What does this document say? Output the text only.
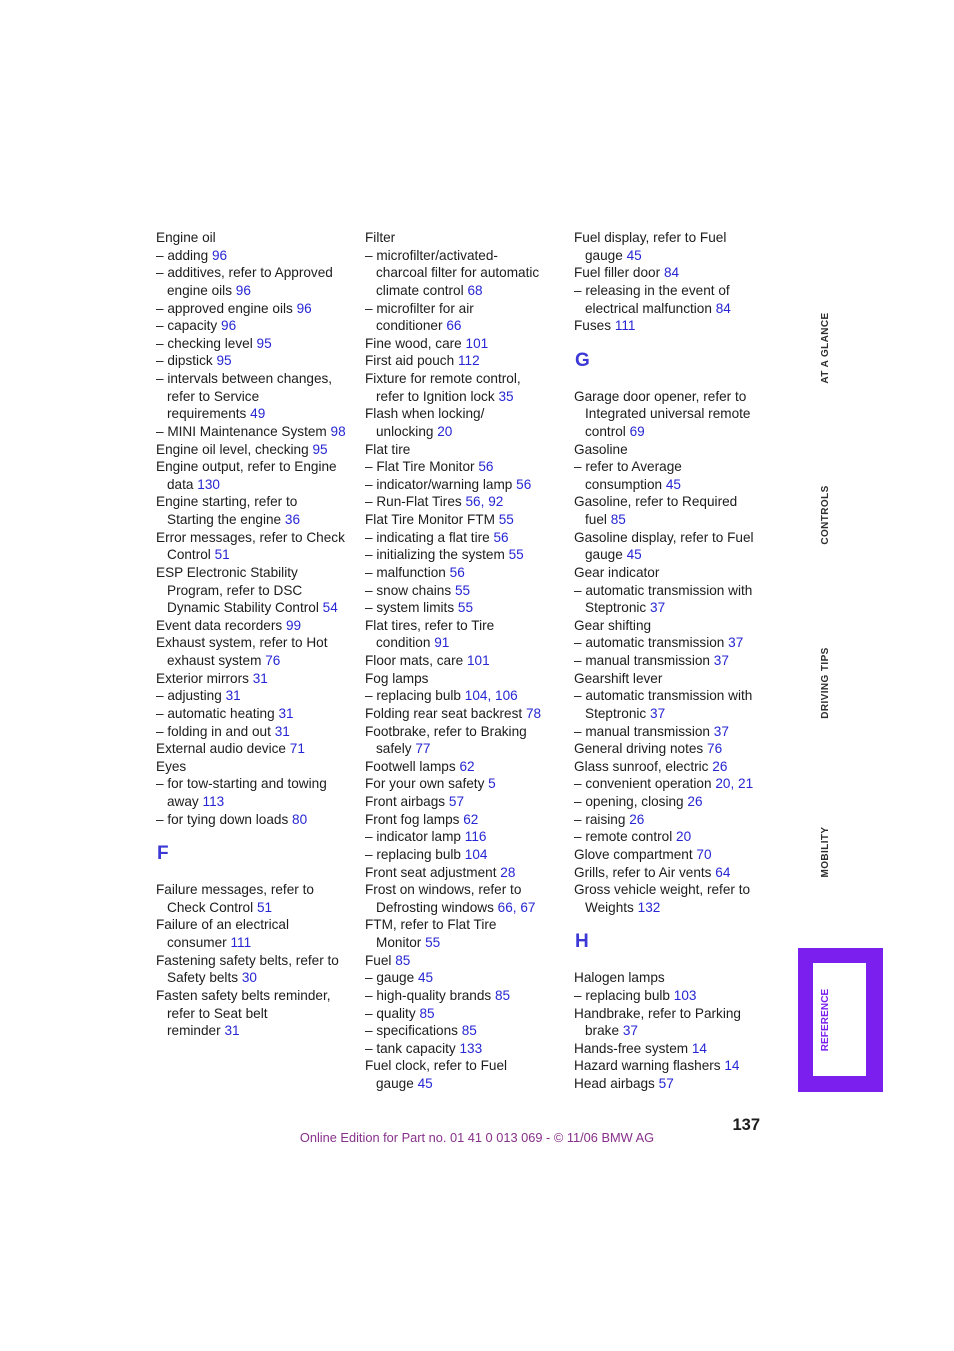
Engine oil
– adding 96
– additives, refer to Approved
engine oils 96
– approved engine oils 96
– capacity 96
– checking level 95
– dipstick 95
– intervals between changes,
refer to Service
requirements 49
– MINI Maintenance System 98
Engine oil level, checking 95
Engine output, refer to Engine
data 130
Engine starting, refer to
Starting the engine 36
Error messages, refer to Check
Control 51
ESP Electronic Stability
Program, refer to DSC
Dynamic Stability Control 54
Event data recorders 99
Exhaust system, refer to Hot
exhaust system 76
Exterior mirrors 31
– adjusting 31
– automatic heating 31
– folding in and out 31
External audio device 71
Eyes
– for tow-starting and towing
away 113
– for tying down loads 80
F
Failure messages, refer to
Check Control 51
Failure of an electrical
consumer 111
Fastening safety belts, refer to
Safety belts 30
Fasten safety belts reminder,
refer to Seat belt
reminder 31
Filter
– microfilter/activated-
charcoal filter for automatic
climate control 68
– microfilter for air
conditioner 66
Fine wood, care 101
First aid pouch 112
Fixture for remote control,
refer to Ignition lock 35
Flash when locking/
unlocking 20
Flat tire
– Flat Tire Monitor 56
– indicator/warning lamp 56
– Run-Flat Tires 56, 92
Flat Tire Monitor FTM 55
– indicating a flat tire 56
– initializing the system 55
– malfunction 56
– snow chains 55
– system limits 55
Flat tires, refer to Tire
condition 91
Floor mats, care 101
Fog lamps
– replacing bulb 104, 106
Folding rear seat backrest 78
Footbrake, refer to Braking
safely 77
Footwell lamps 62
For your own safety 5
Front airbags 57
Front fog lamps 62
– indicator lamp 116
– replacing bulb 104
Front seat adjustment 28
Frost on windows, refer to
Defrosting windows 66, 67
FTM, refer to Flat Tire
Monitor 55
Fuel 85
– gauge 45
– high-quality brands 85
– quality 85
– specifications 85
– tank capacity 133
Fuel clock, refer to Fuel
gauge 45
Fuel display, refer to Fuel
gauge 45
Fuel filler door 84
– releasing in the event of
electrical malfunction 84
Fuses 111
G
Garage door opener, refer to
Integrated universal remote
control 69
Gasoline
– refer to Average
consumption 45
Gasoline, refer to Required
fuel 85
Gasoline display, refer to Fuel
gauge 45
Gear indicator
– automatic transmission with
Steptronic 37
Gear shifting
– automatic transmission 37
– manual transmission 37
Gearshift lever
– automatic transmission with
Steptronic 37
– manual transmission 37
General driving notes 76
Glass sunroof, electric 26
– convenient operation 20, 21
– opening, closing 26
– raising 26
– remote control 20
Glove compartment 70
Grills, refer to Air vents 64
Gross vehicle weight, refer to
Weights 132
H
Halogen lamps
– replacing bulb 103
Handbrake, refer to Parking
brake 37
Hands-free system 14
Hazard warning flashers 14
Head airbags 57
AT A GLANCE
CONTROLS
DRIVING TIPS
MOBILITY
REFERENCE
137
Online Edition for Part no. 01 41 0 013 069 - © 11/06 BMW AG
